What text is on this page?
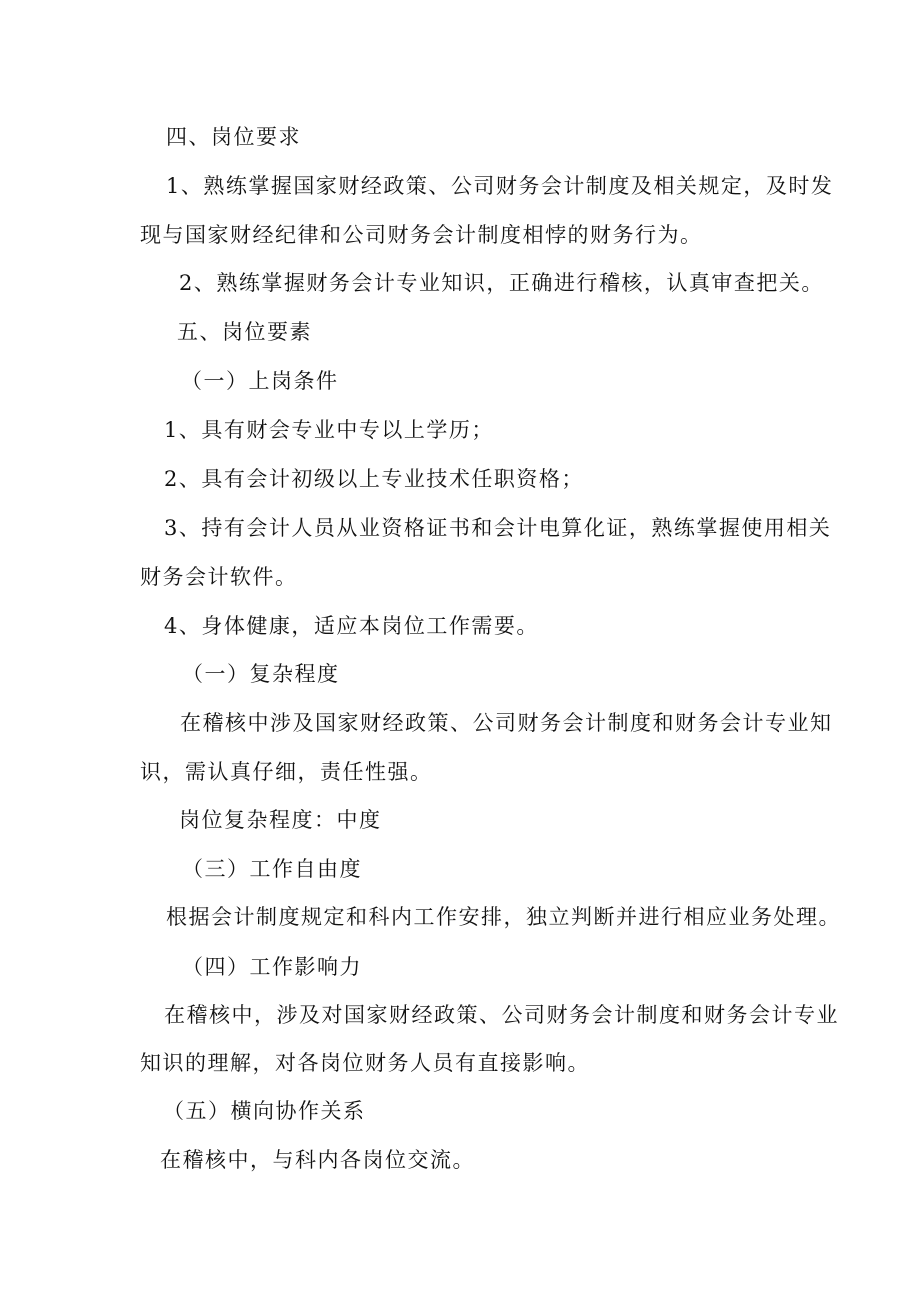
四、岗位要求
1、熟练掌握国家财经政策、公司财务会计制度及相关规定，及时发
现与国家财经纪律和公司财务会计制度相悖的财务行为。
2、熟练掌握财务会计专业知识，正确进行稽核，认真审查把关。
五、岗位要素
（一）上岗条件
1、具有财会专业中专以上学历；
2、具有会计初级以上专业技术任职资格；
3、持有会计人员从业资格证书和会计电算化证，熟练掌握使用相关
财务会计软件。
4、身体健康，适应本岗位工作需要。
（一）复杂程度
在稽核中涉及国家财经政策、公司财务会计制度和财务会计专业知
识，需认真仔细，责任性强。
岗位复杂程度：中度
（三）工作自由度
根据会计制度规定和科内工作安排，独立判断并进行相应业务处理。
（四）工作影响力
在稽核中，涉及对国家财经政策、公司财务会计制度和财务会计专业
知识的理解，对各岗位财务人员有直接影响。
（五）横向协作关系
在稽核中，与科内各岗位交流。
